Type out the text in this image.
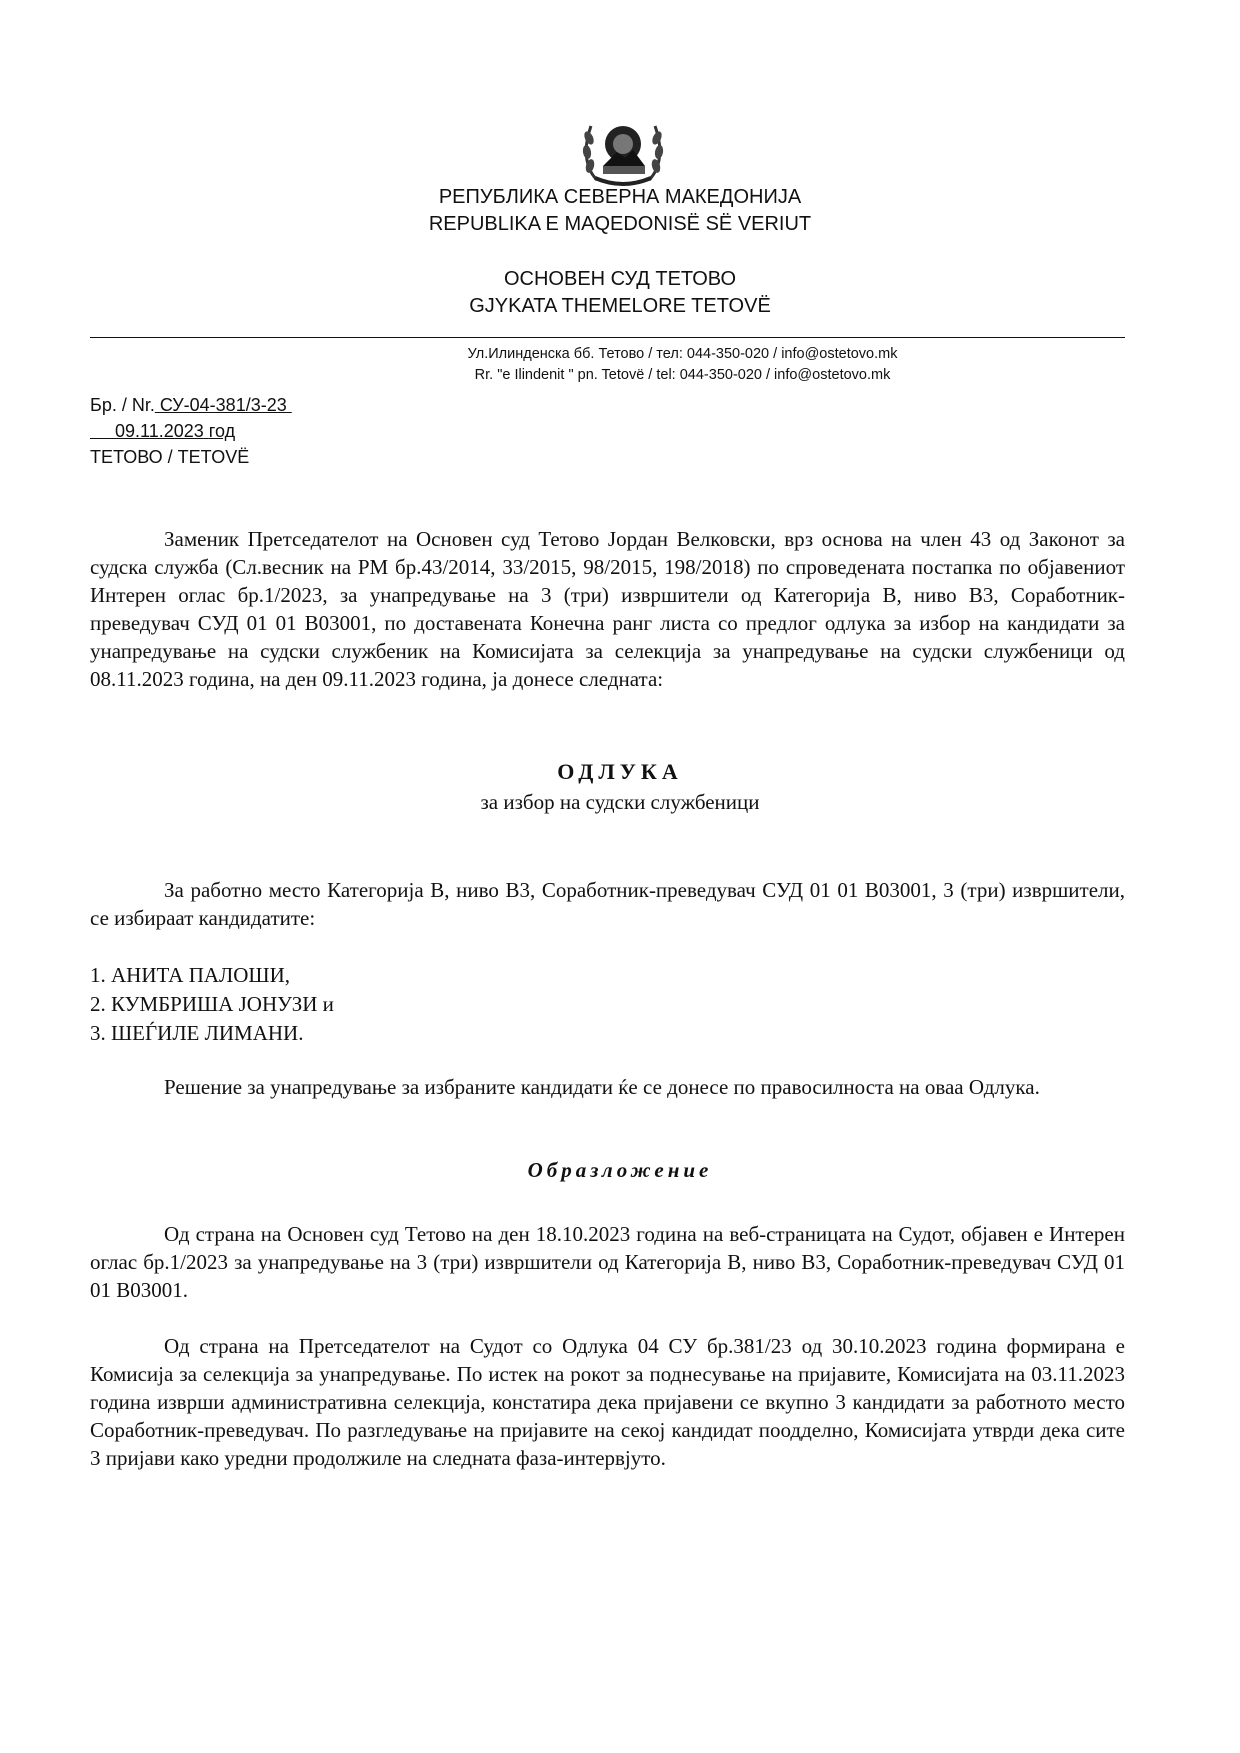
РЕПУБЛИКА СЕВЕРНА МАКЕДОНИЈА
REPUBLIKA E MAQEDONISË SË VERIUT
ОСНОВЕН СУД ТЕТОВО
GJYKATA THEMELORE TETOVË
Ул.Илинденска бб. Тетово / тел: 044-350-020 / info@ostetovo.mk
Rr. "e Ilindenit " pn. Tetovë / tel: 044-350-020 / info@ostetovo.mk
Бр. / Nr. СУ-04-381/3-23
09.11.2023 год
ТЕТОВО / TETOVË
Заменик Претседателот на Основен суд Тетово Јордан Велковски, врз основа на член 43 од Законот за судска служба (Сл.весник на РМ бр.43/2014, 33/2015, 98/2015, 198/2018) по спроведената постапка по објавениот Интерен оглас бр.1/2023, за унапредување на 3 (три) извршители од Категорија В, ниво В3, Соработник-преведувач СУД 01 01 В03001, по доставената Конечна ранг листа со предлог одлука за избор на кандидати за унапредување на судски службеник на Комисијата за селекција за унапредување на судски службеници од 08.11.2023 година, на ден 09.11.2023 година, ја донесе следната:
ОДЛУКА
за избор на судски службеници
За работно место Категорија В, ниво В3, Соработник-преведувач СУД 01 01 В03001, 3 (три) извршители, се избираат кандидатите:
1. АНИТА ПАЛОШИ,
2. КУМБРИША ЈОНУЗИ и
3. ШЕЃИЛЕ ЛИМАНИ.
Решение за унапредување за избраните кандидати ќе се донесе по правосилноста на оваа Одлука.
Образложение
Од страна на Основен суд Тетово на ден 18.10.2023 година на веб-страницата на Судот, објавен е Интерен оглас бр.1/2023 за унапредување на 3 (три) извршители од Категорија В, ниво В3, Соработник-преведувач СУД 01 01 В03001.
Од страна на Претседателот на Судот со Одлука 04 СУ бр.381/23 од 30.10.2023 година формирана е Комисија за селекција за унапредување. По истек на рокот за поднесување на пријавите, Комисијата на 03.11.2023 година изврши административна селекција, констатира дека пријавени се вкупно 3 кандидати за работното место Соработник-преведувач. По разгледување на пријавите на секој кандидат поодделно, Комисијата утврди дека сите 3 пријави како уредни продолжиле на следната фаза-интервјуто.
